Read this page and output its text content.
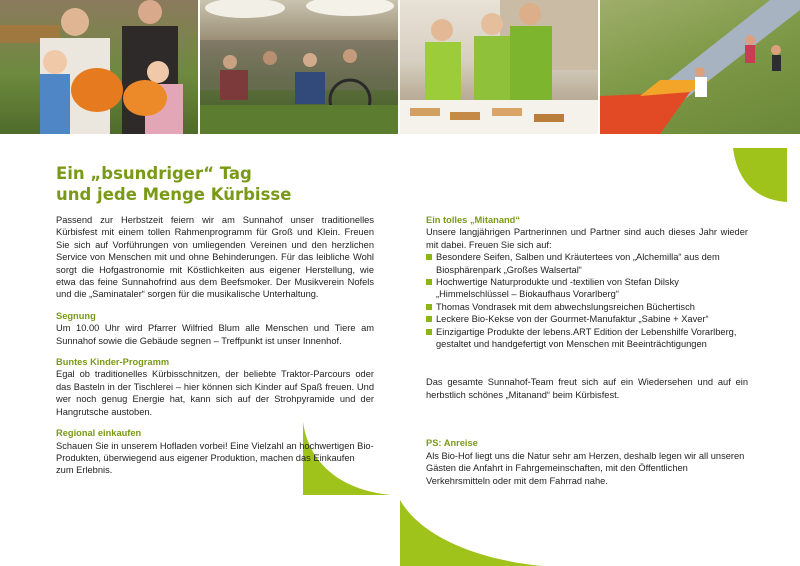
Ein „bsundriger“ Tag
und jede Menge Kürbisse

Passend zur Herbstzeit feiern wir am Sunnahof unser traditionelles Kürbisfest mit einem tollen Rahmenprogramm für Groß und Klein. Freuen Sie sich auf Vorführungen von umliegenden Vereinen und den herzlichen Service von Menschen mit und ohne Behinderungen. Für das leibliche Wohl sorgt die Hofgastronomie mit Köstlichkeiten aus eigener Herstellung, wie etwa das feine Sunnahofrind aus dem Beefsmoker. Der Musikverein Nofels und die „Saminataler“ sorgen für die musikalische Unterhaltung.

Segnung

Um 10.00 Uhr wird Pfarrer Wilfried Blum alle Menschen und Tiere am Sunnahof sowie die Gebäude segnen – Treffpunkt ist unser Innenhof.

Buntes Kinder-Programm

Egal ob traditionelles Kürbisschnitzen, der beliebte Traktor-Parcours oder das Basteln in der Tischlerei – hier können sich Kinder auf Spaß freuen. Und wer noch genug Energie hat, kann sich auf der Strohpyramide und der Hangrutsche austoben.

Regional einkaufen

Schauen Sie in unserem Hofladen vorbei! Eine Vielzahl an hochwertigen Bio-Produkten, überwiegend aus eigener Produktion, machen das Einkaufen zum Erlebnis.

Ein tolles „Mitanand“

Unsere langjährigen Partnerinnen und Partner sind auch dieses Jahr wieder mit dabei. Freuen Sie sich auf:

Besondere Seifen, Salben und Kräutertees von „Alchemilla“ aus dem Biosphärenpark „Großes Walsertal“
Hochwertige Naturprodukte und -textilien von Stefan Dilsky „Himmelschlüssel – Biokaufhaus Vorarlberg“
Thomas Vondrasek mit dem abwechslungsreichen Büchertisch
Leckere Bio-Kekse von der Gourmet-Manufaktur „Sabine + Xaver“
Einzigartige Produkte der lebens.ART Edition der Lebenshilfe Vorarlberg, gestaltet und handgefertigt von Menschen mit Beeinträchtigungen

Das gesamte Sunnahof-Team freut sich auf ein Wiedersehen und auf ein herbstlich schönes „Mitanand“ beim Kürbisfest.

PS: Anreise

Als Bio-Hof liegt uns die Natur sehr am Herzen, deshalb legen wir all unseren Gästen die Anfahrt in Fahrgemeinschaften, mit den Öffentlichen Verkehrsmitteln oder mit dem Fahrrad nahe.
